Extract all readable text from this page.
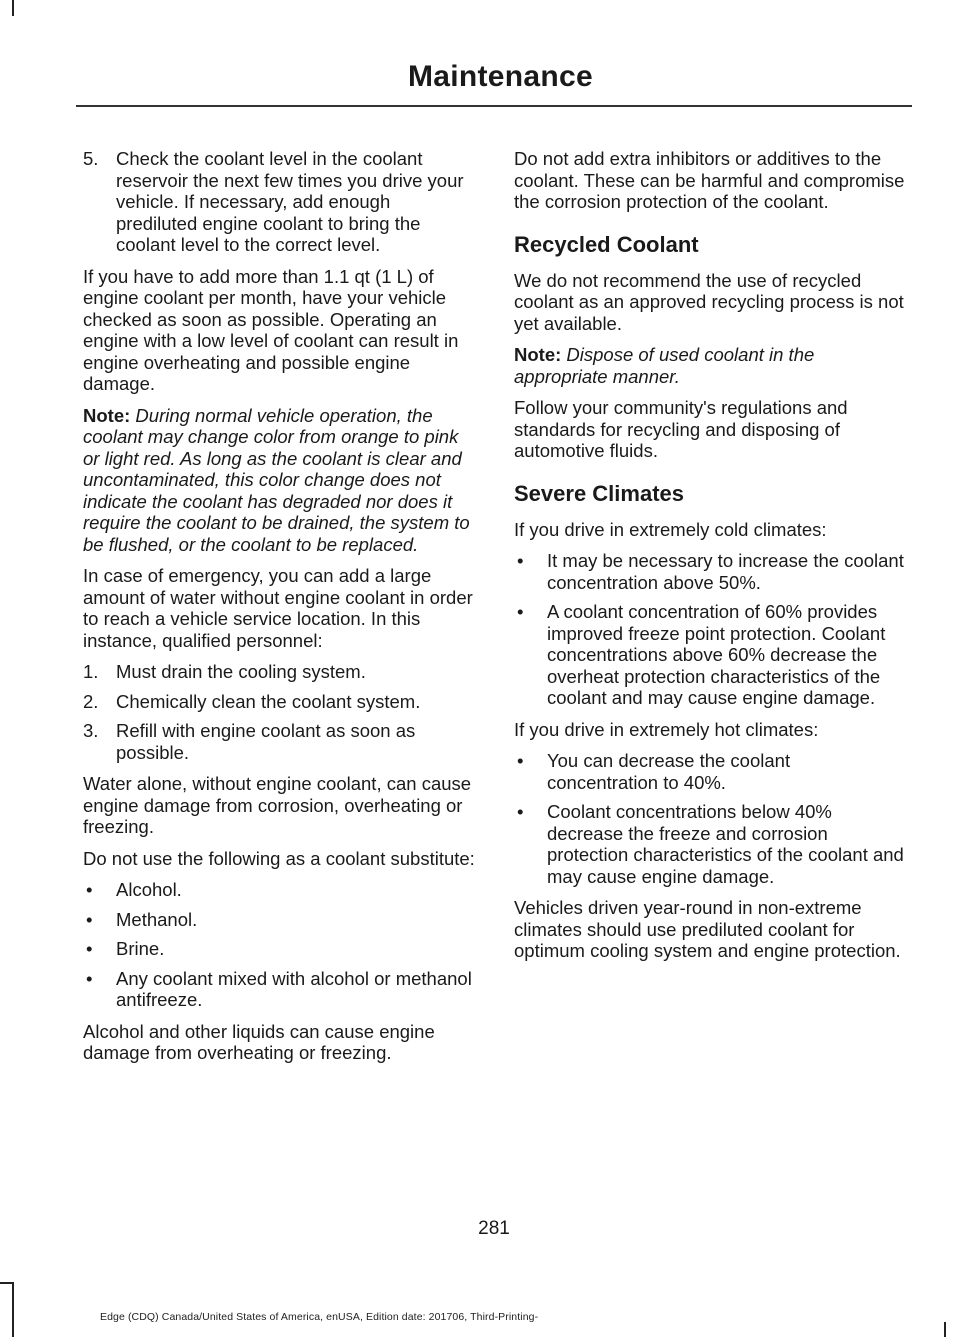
Maintenance
5. Check the coolant level in the coolant reservoir the next few times you drive your vehicle. If necessary, add enough prediluted engine coolant to bring the coolant level to the correct level.

If you have to add more than 1.1 qt (1 L) of engine coolant per month, have your vehicle checked as soon as possible. Operating an engine with a low level of coolant can result in engine overheating and possible engine damage.

Note: During normal vehicle operation, the coolant may change color from orange to pink or light red. As long as the coolant is clear and uncontaminated, this color change does not indicate the coolant has degraded nor does it require the coolant to be drained, the system to be flushed, or the coolant to be replaced.

In case of emergency, you can add a large amount of water without engine coolant in order to reach a vehicle service location. In this instance, qualified personnel:

1. Must drain the cooling system.
2. Chemically clean the coolant system.
3. Refill with engine coolant as soon as possible.

Water alone, without engine coolant, can cause engine damage from corrosion, overheating or freezing.

Do not use the following as a coolant substitute:

• Alcohol.
• Methanol.
• Brine.
• Any coolant mixed with alcohol or methanol antifreeze.

Alcohol and other liquids can cause engine damage from overheating or freezing.

Do not add extra inhibitors or additives to the coolant. These can be harmful and compromise the corrosion protection of the coolant.

Recycled Coolant

We do not recommend the use of recycled coolant as an approved recycling process is not yet available.

Note: Dispose of used coolant in the appropriate manner.

Follow your community's regulations and standards for recycling and disposing of automotive fluids.

Severe Climates

If you drive in extremely cold climates:

• It may be necessary to increase the coolant concentration above 50%.
• A coolant concentration of 60% provides improved freeze point protection. Coolant concentrations above 60% decrease the overheat protection characteristics of the coolant and may cause engine damage.

If you drive in extremely hot climates:

• You can decrease the coolant concentration to 40%.
• Coolant concentrations below 40% decrease the freeze and corrosion protection characteristics of the coolant and may cause engine damage.

Vehicles driven year-round in non-extreme climates should use prediluted coolant for optimum cooling system and engine protection.

281
Edge (CDQ) Canada/United States of America, enUSA, Edition date: 201706, Third-Printing-
